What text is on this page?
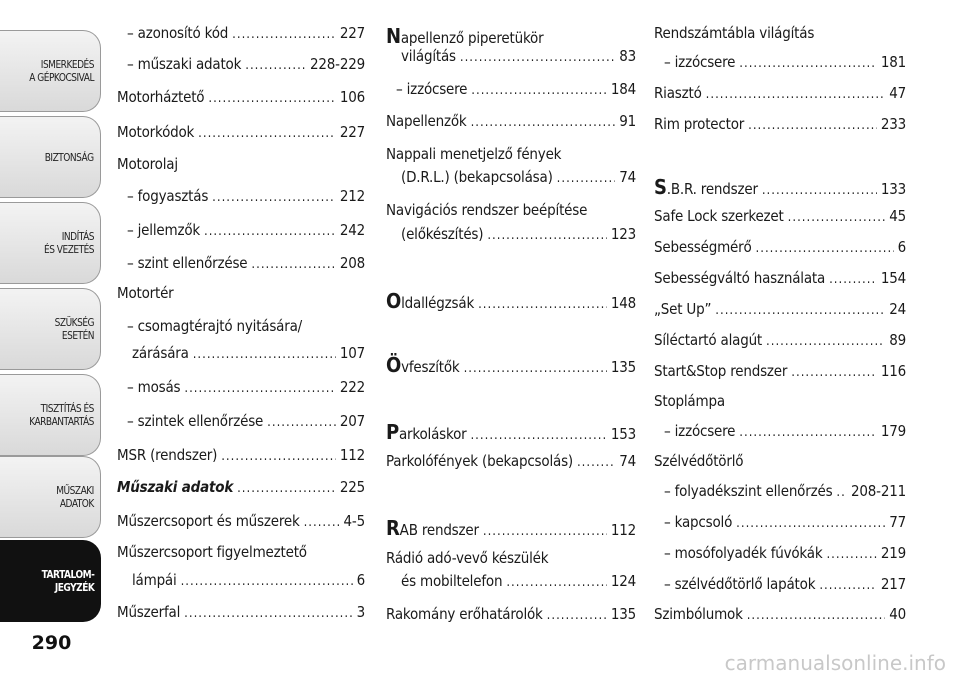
ISMERKEDÉS
A GÉPKOCSIVAL
BIZTONSÁG
INDÍTÁS
ÉS VEZETÉS
SZÜKSÉG
ESETÉN
TISZTÍTÁS ÉS
KARBANTARTÁS
MŰSZAKI
ADATOK
TARTALOM-
JEGYZÉK
290
– azonosító kód .....	227
– műszaki adatok .....	228-229
Motorháztető .....	106
Motorkódok .....	227
Motorolaj
– fogyasztás .....	212
– jellemzők .....	242
– szint ellenőrzése .....	208
Motortér
– csomagtérajtó nyitására/
zárására .....	107
– mosás .....	222
– szintek ellenőrzése .....	207
MSR (rendszer) .....	112
Műszaki adatok .....	225
Műszercsoport és műszerek .....	4-5
Műszercsoport figyelmeztető
lámpái .....	6
Műszerfal .....	3
Napellenző piperetükör
világítás .....	83
– izzócsere .....	184
Napellenzők .....	91
Nappali menetjelző fények
(D.R.L.) (bekapcsolása) .....	74
Navigációs rendszer beépítése
(előkészítés) .....	123
Oldallégzsák .....	148
Övfeszítők .....	135
Parkoláskor .....	153
Parkolófények (bekapcsolás) .....	74
RAB rendszer .....	112
Rádió adó-vevő készülék
és mobiltelefon .....	124
Rakomány erőhatárolók .....	135
Rendszámtábla világítás
– izzócsere .....	181
Riasztó .....	47
Rim protector .....	233
S.B.R. rendszer .....	133
Safe Lock szerkezet .....	45
Sebességmérő .....	6
Sebességváltó használata .....	154
„Set Up” .....	24
Síléctartó alagút .....	89
Start&Stop rendszer .....	116
Stoplámpa
– izzócsere .....	179
Szélvédőtörlő
– folyadékszint ellenőrzés ..... 208-211
– kapcsoló .....	77
– mosófolyadék fúvókák .....	219
– szélvédőtörlő lapátok .....	217
Szimbólumok .....	40
carmanualsonline.info
